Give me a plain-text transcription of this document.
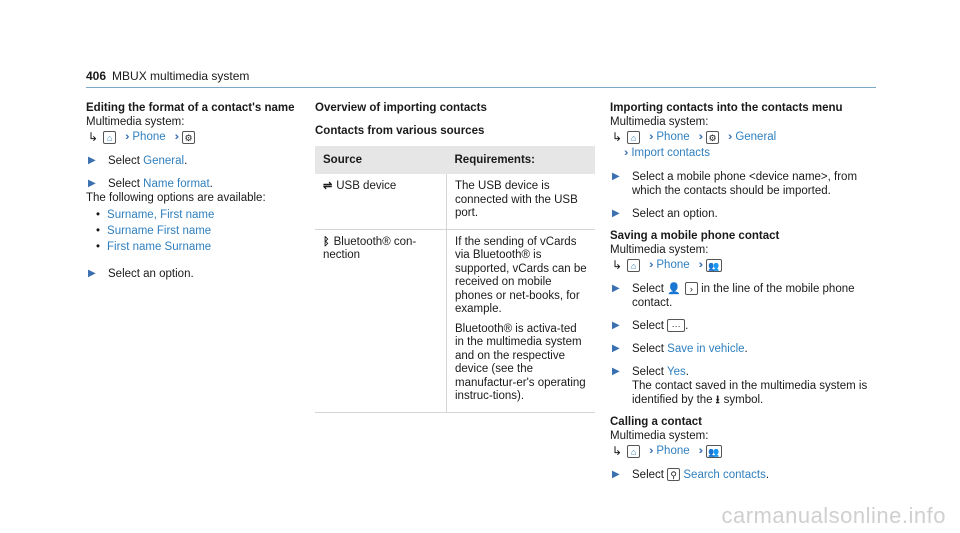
406 MBUX multimedia system
Editing the format of a contact's name
Multimedia system:
↳ ⌂	›› Phone ›› ⚙
▶	Select General.
▶	Select Name format.
The following options are available:
• Surname, First name
• Surname First name
• First name Surname
▶	Select an option.
Overview of importing contacts
Contacts from various sources
Source	Requirements:
⇌ USB device	The USB device is connected with the USB port.
ᛒ Bluetooth® con-nection	If the sending of vCards via Bluetooth® is supported, vCards can be received on mobile phones or net-books, for example.
Bluetooth® is activa-ted in the multimedia system and on the respective device (see the manufactur-er's operating instruc-tions).
Importing contacts into the contacts menu
Multimedia system:
↳ ⌂	›› Phone ›› ⚙ ›› General
›› Import contacts
▶	Select a mobile phone <device name>, from which the contacts should be imported.
▶	Select an option.
Saving a mobile phone contact
Multimedia system:
↳ ⌂	›› Phone ›› 👥
▶	Select 👤 › in the line of the mobile phone contact.
▶	Select ··· .
▶	Select Save in vehicle.
▶	Select Yes.
The contact saved in the multimedia system is identified by the ⭳ symbol.
Calling a contact
Multimedia system:
↳ ⌂	›› Phone ›› 👥
▶	Select ⚲ Search contacts.
carmanualsonline.info
